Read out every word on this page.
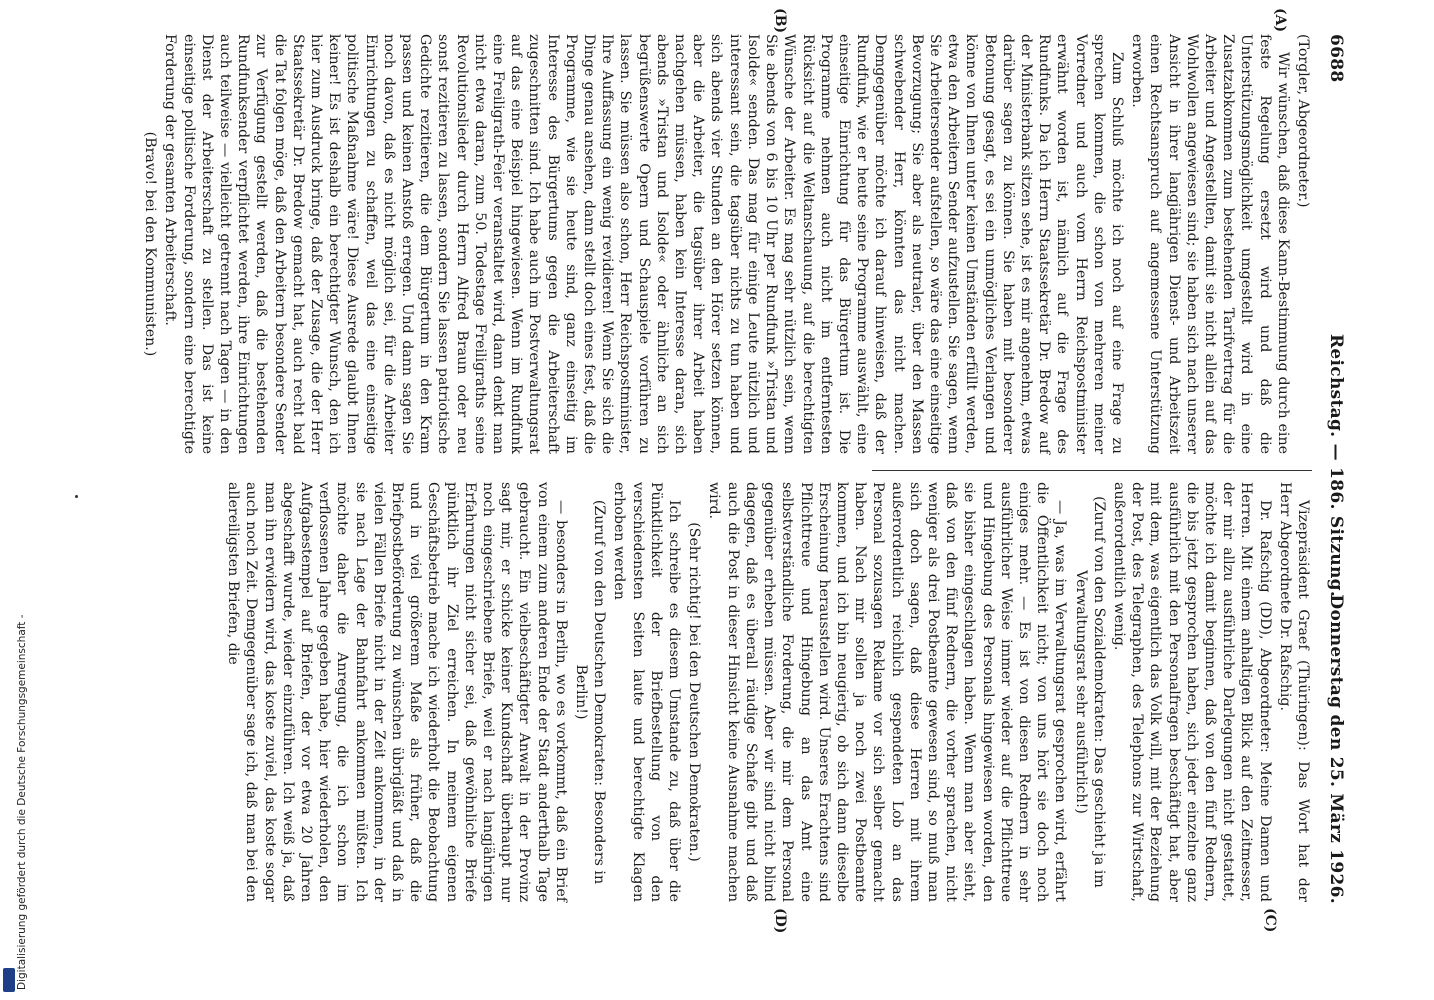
Digitalisierung gefördert durch die Deutsche Forschungsgemeinschaft -
6688
Reichstag. — 186. Sitzung.
Donnerstag den 25. März 1926.
(A)
(B)
(C)
(D)

(Torgler, Abgeordneter.)

Wir wünschen, daß diese Kann-Bestimmung durch eine feste Regelung ersetzt wird und daß die Unterstützungsmöglichkeit umgestellt wird in eine Zusatzabkommen zum bestehenden Tarifvertrag für die Arbeiter und Angestellten, damit sie nicht allein auf das Wohlwollen angewiesen sind; sie haben sich nach unserer Ansicht in ihrer langjährigen Dienst- und Arbeitszeit einen Rechtsanspruch auf angemessene Unterstützung erworben.

Zum Schluß möchte ich noch auf eine Frage zu sprechen kommen, die schon von mehreren meiner Vorredner und auch vom Herrn Reichspostminister erwähnt worden ist, nämlich auf die Frage des Rundfunks. Da ich Herrn Staatssekretär Dr. Bredow auf der Ministerbank sitzen sehe, ist es mir angenehm, etwas darüber sagen zu können. Sie haben mit besonderer Betonung gesagt, es sei ein unmögliches Verlangen und könne von Ihnen unter keinen Umständen erfüllt werden, etwa den Arbeitern Sender aufzustellen. Sie sagen, wenn Sie Arbeitersender aufstellen, so wäre das eine einseitige Bevorzugung; Sie aber als neutraler, über den Massen schwebender Herr, könnten das nicht machen. Demgegenüber möchte ich darauf hinweisen, daß der Rundfunk, wie er heute seine Programme auswählt, eine einseitige Einrichtung für das Bürgertum ist. Die Programme nehmen auch nicht im entferntesten Rücksicht auf die Weltanschauung, auf die berechtigten Wünsche der Arbeiter. Es mag sehr nützlich sein, wenn Sie abends von 6 bis 10 Uhr per Rundfunk »Tristan und Isolde« senden. Das mag für einige Leute nützlich und interessant sein, die tagsüber nichts zu tun haben und sich abends vier Stunden an den Hörer setzen können, aber die Arbeiter, die tagsüber ihrer Arbeit haben nachgehen müssen, haben kein Interesse daran, sich abends »Tristan und Isolde« oder ähnliche an sich begrüßenswerte Opern und Schauspiele vorführen zu lassen. Sie müssen also schon, Herr Reichspostminister, Ihre Auffassung ein wenig revidieren! Wenn Sie sich die Dinge genau ansehen, dann stellt doch eines fest, daß die Programme, wie sie heute sind, ganz einseitig im Interesse des Bürgertums gegen die Arbeiterschaft zugeschnitten sind. Ich habe auch im Postverwaltungsrat auf das eine Beispiel hingewiesen. Wenn im Rundfunk eine Freiligrath-Feier veranstaltet wird, dann denkt man nicht etwa daran, zum 50. Todestage Freiligraths seine Revolutionslieder durch Herrn Alfred Braun oder neu sonst rezitieren zu lassen, sondern Sie lassen patriotische Gedichte rezitieren, die dem Bürgertum in den Kram passen und keinen Anstoß erregen. Und dann sagen Sie noch davon, daß es nicht möglich sei, für die Arbeiter Einrichtungen zu schaffen, weil das eine einseitige politische Maßnahme wäre! Diese Ausrede glaubt Ihnen keiner! Es ist deshalb ein berechtigter Wunsch, den ich hier zum Ausdruck bringe, daß der Zusage, die der Herr Staatssekretär Dr. Bredow gemacht hat, auch recht bald die Tat folgen möge, daß den Arbeitern besondere Sender zur Verfügung gestellt werden, daß die bestehenden Rundfunksender verpflichtet werden, ihre Einrichtungen auch teilweise — vielleicht getrennt nach Tagen — in den Dienst der Arbeiterschaft zu stellen. Das ist keine einseitige politische Forderung, sondern eine berechtigte Forderung der gesamten Arbeiterschaft.

(Bravo! bei den Kommunisten.)

Vizepräsident Graef (Thüringen): Das Wort hat der Herr Abgeordnete Dr. Rafschig.

Dr. Rafschig (DD), Abgeordneter: Meine Damen und Herren. Mit einem anhaltigen Blick auf den Zeitmesser, der mir allzu ausführliche Darlegungen nicht gestattet, möchte ich damit beginnen, daß von den fünf Rednern, die bis jetzt gesprochen haben, sich jeder einzelne ganz ausführlich mit den Personalfragen beschäftigt hat, aber mit dem, was eigentlich das Volk will, mit der Beziehung der Post, des Telegraphen, des Telephons zur Wirtschaft, außerordentlich wenig.

(Zuruf von den Sozialdemokraten: Das geschieht ja im Verwaltungsrat sehr ausführlich!)

— Ja, was im Verwaltungsrat gesprochen wird, erfährt die Öffentlichkeit nicht; von uns hört sie doch noch einiges mehr. — Es ist von diesen Rednern in sehr ausführlicher Weise immer wieder auf die Pflichttreue und Hingebung des Personals hingewiesen worden, den sie bisher eingeschlagen haben. Wenn man aber sieht, daß von den fünf Rednern, die vorher sprachen, nicht weniger als drei Postbeamte gewesen sind, so muß man sich doch sagen, daß diese Herren mit ihrem außerordentlich reichlich gespendeten Lob an das Personal sozusagen Reklame vor sich selber gemacht haben. Nach mir sollen ja noch zwei Postbeamte kommen, und ich bin neugierig, ob sich dann dieselbe Erscheinung herausstellen wird. Unseres Erachtens sind Pflichttreue und Hingebung an das Amt eine selbstverständliche Forderung, die mir dem Personal gegenüber erheben müssen. Aber wir sind nicht blind dagegen, daß es überall räudige Schafe gibt und daß auch die Post in dieser Hinsicht keine Ausnahme machen wird.

(Sehr richtig! bei den Deutschen Demokraten.)

Ich schreibe es diesem Umstande zu, daß über die Pünktlichkeit der Briefbestellung von den verschiedensten Seiten laute und berechtigte Klagen erhoben werden

(Zuruf von den Deutschen Demokraten: Besonders in Berlin!)

— besonders in Berlin, wo es vorkommt, daß ein Brief von einem zum anderen Ende der Stadt anderthalb Tage gebraucht. Ein vielbeschäftigter Anwalt in der Provinz sagt mir, er schicke keiner Kundschaft überhaupt nur noch eingeschriebene Briefe, weil er nach langjährigen Erfahrungen nicht sicher sei, daß gewöhnliche Briefe pünktlich ihr Ziel erreichen. In meinem eigenen Geschäftsbetrieb mache ich wiederholt die Beobachtung und in viel größerem Maße als früher, daß die Briefpostbeförderung zu wünschen übrigläßt und daß in vielen Fällen Briefe nicht in der Zeit ankommen, in der sie nach Lage der Bahnfahrt ankommen müßten. Ich möchte daher die Anregung, die ich schon im verflossenen Jahre gegeben habe, hier wiederholen, den Aufgabestempel auf Briefen, der vor etwa 20 Jahren abgeschafft wurde, wieder einzuführen. Ich weiß ja, daß man ihn erwidern wird, das koste zuviel, das koste sogar auch noch Zeit. Demgegenüber sage ich, daß man bei den allereiligsten Briefen, die
